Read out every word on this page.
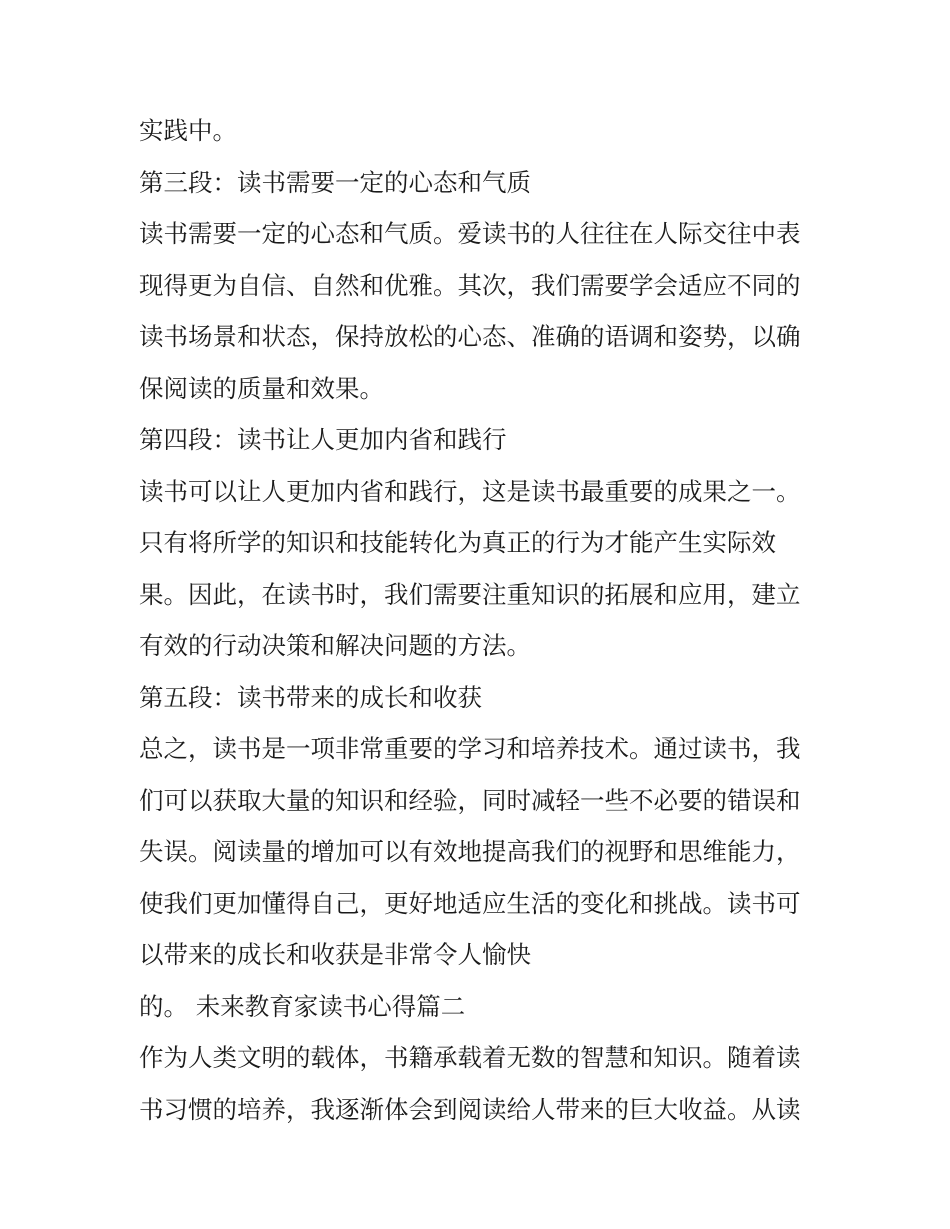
实践中。
第三段：读书需要一定的心态和气质
读书需要一定的心态和气质。爱读书的人往往在人际交往中表
现得更为自信、自然和优雅。其次，我们需要学会适应不同的
读书场景和状态，保持放松的心态、准确的语调和姿势，以确
保阅读的质量和效果。
第四段：读书让人更加内省和践行
读书可以让人更加内省和践行，这是读书最重要的成果之一。
只有将所学的知识和技能转化为真正的行为才能产生实际效
果。因此，在读书时，我们需要注重知识的拓展和应用，建立
有效的行动决策和解决问题的方法。
第五段：读书带来的成长和收获
总之，读书是一项非常重要的学习和培养技术。通过读书，我
们可以获取大量的知识和经验，同时减轻一些不必要的错误和
失误。阅读量的增加可以有效地提高我们的视野和思维能力，
使我们更加懂得自己，更好地适应生活的变化和挑战。读书可
以带来的成长和收获是非常令人愉快
的。 未来教育家读书心得篇二
作为人类文明的载体，书籍承载着无数的智慧和知识。随着读
书习惯的培养，我逐渐体会到阅读给人带来的巨大收益。从读
